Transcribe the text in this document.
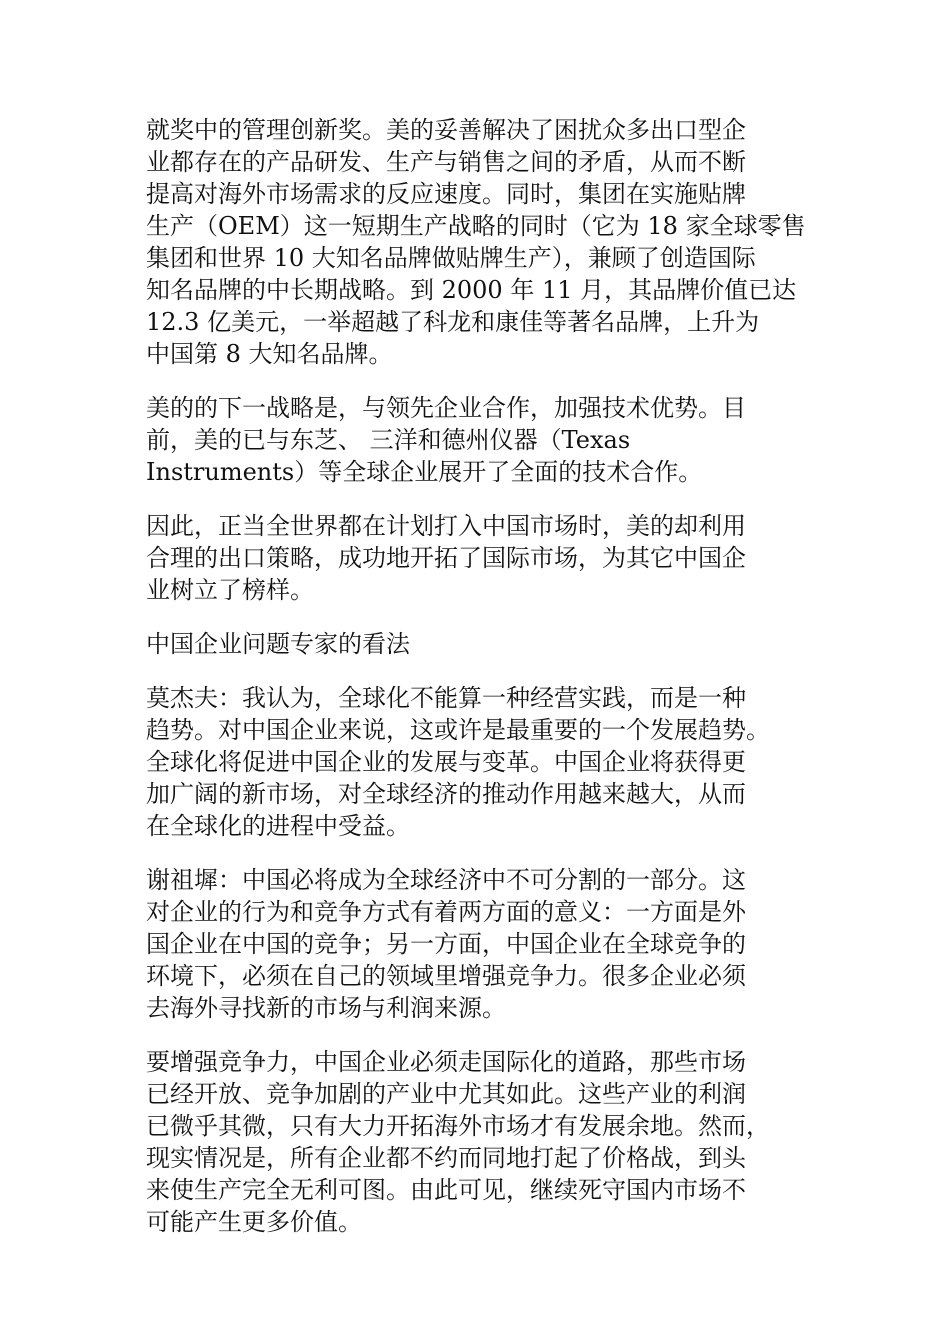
就奖中的管理创新奖。美的妥善解决了困扰众多出口型企
业都存在的产品研发、生产与销售之间的矛盾，从而不断
提高对海外市场需求的反应速度。同时，集团在实施贴牌
生产（OEM）这一短期生产战略的同时（它为 18 家全球零售
集团和世界 10 大知名品牌做贴牌生产），兼顾了创造国际
知名品牌的中长期战略。到 2000 年 11 月，其品牌价值已达
12.3 亿美元，一举超越了科龙和康佳等著名品牌，上升为
中国第 8 大知名品牌。
美的的下一战略是，与领先企业合作，加强技术优势。目
前，美的已与东芝、 三洋和德州仪器（Texas
Instruments）等全球企业展开了全面的技术合作。
因此，正当全世界都在计划打入中国市场时，美的却利用
合理的出口策略，成功地开拓了国际市场，为其它中国企
业树立了榜样。
中国企业问题专家的看法
莫杰夫：我认为，全球化不能算一种经营实践，而是一种
趋势。对中国企业来说，这或许是最重要的一个发展趋势。
全球化将促进中国企业的发展与变革。中国企业将获得更
加广阔的新市场，对全球经济的推动作用越来越大，从而
在全球化的进程中受益。
谢祖墀：中国必将成为全球经济中不可分割的一部分。这
对企业的行为和竞争方式有着两方面的意义：一方面是外
国企业在中国的竞争；另一方面，中国企业在全球竞争的
环境下，必须在自己的领域里增强竞争力。很多企业必须
去海外寻找新的市场与利润来源。
要增强竞争力，中国企业必须走国际化的道路，那些市场
已经开放、竞争加剧的产业中尤其如此。这些产业的利润
已微乎其微，只有大力开拓海外市场才有发展余地。然而，
现实情况是，所有企业都不约而同地打起了价格战，到头
来使生产完全无利可图。由此可见，继续死守国内市场不
可能产生更多价值。
